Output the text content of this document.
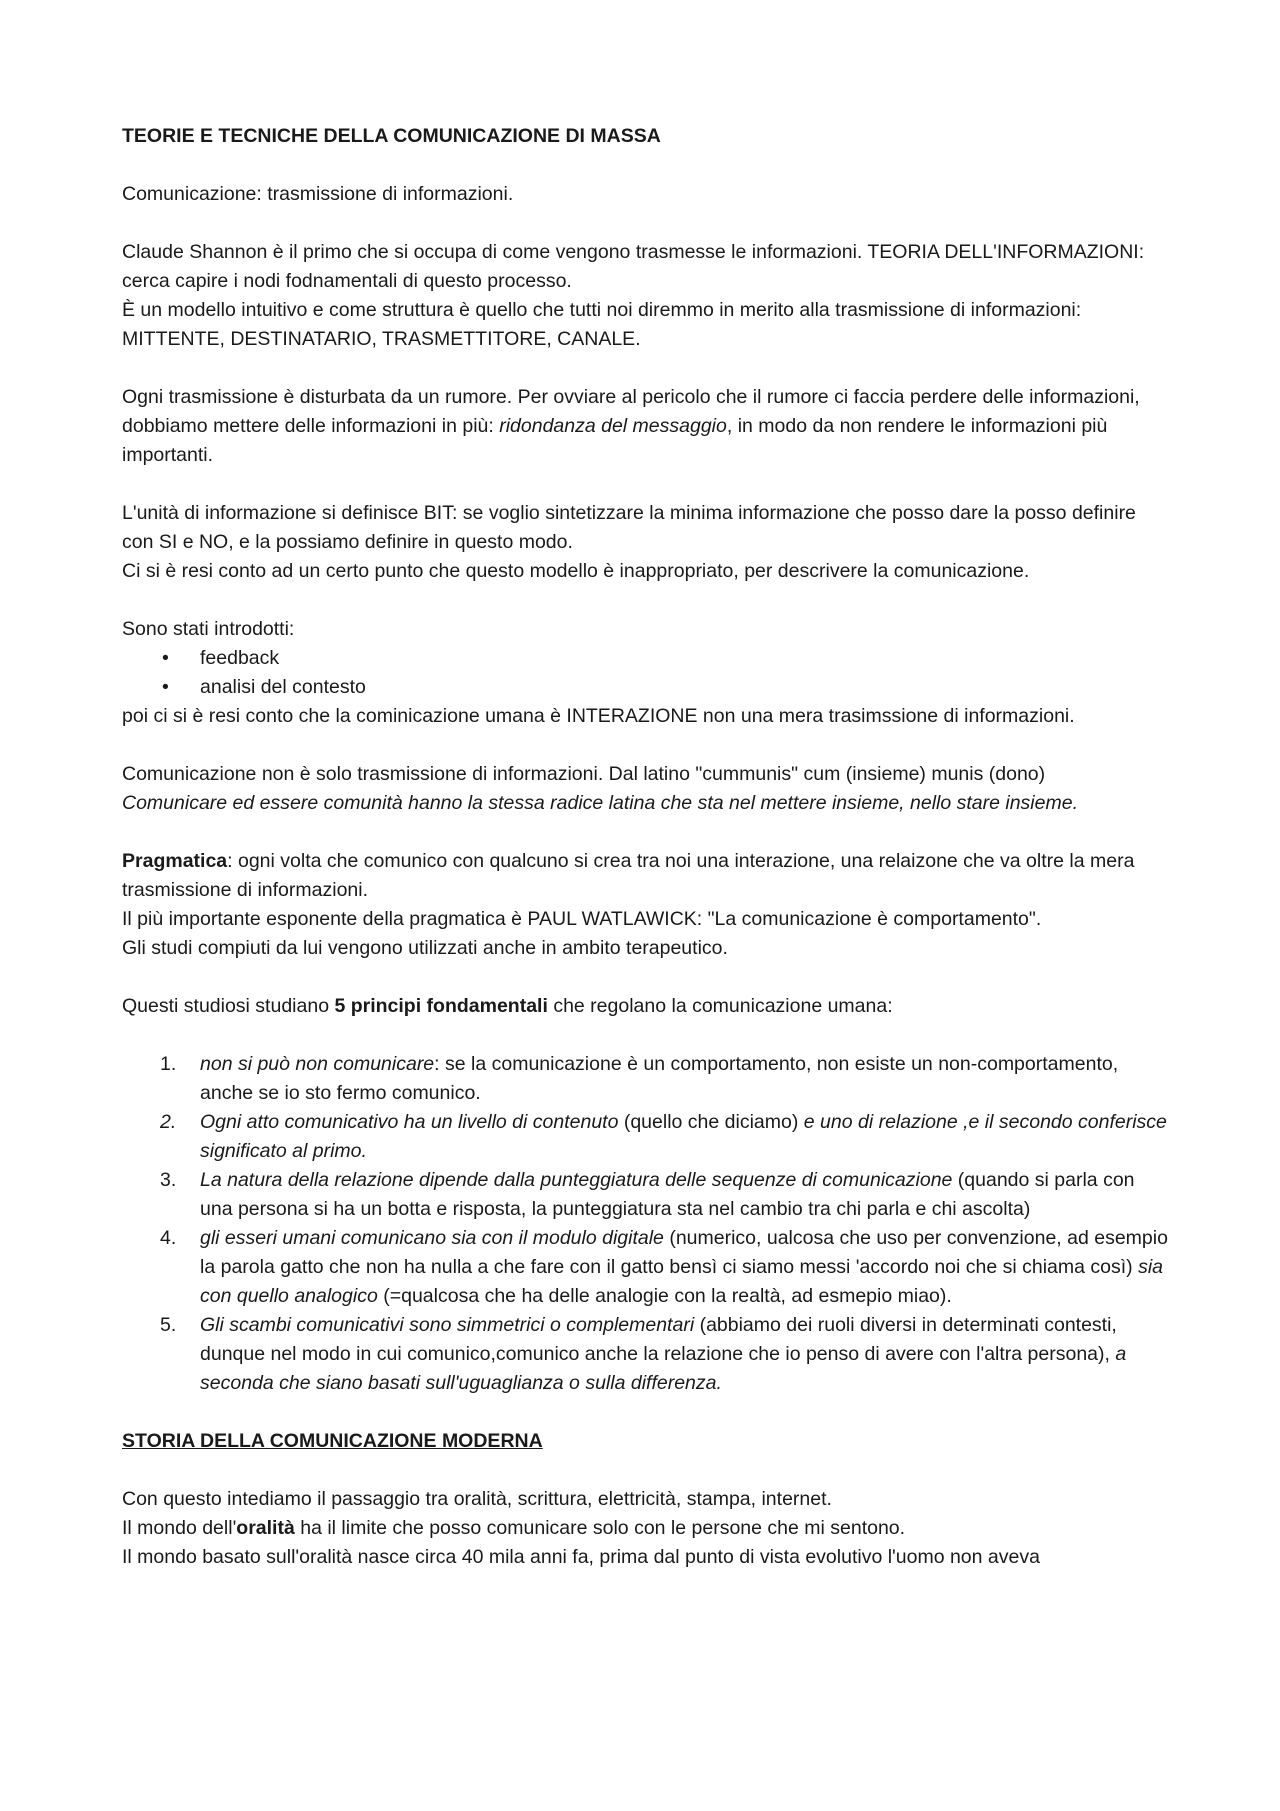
TEORIE E TECNICHE DELLA COMUNICAZIONE DI MASSA

Comunicazione: trasmissione di informazioni.

Claude Shannon è il primo che si occupa di come vengono trasmesse le informazioni. TEORIA DELL'INFORMAZIONI: cerca capire i nodi fodnamentali di questo processo.
È un modello intuitivo e come struttura è quello che tutti noi diremmo in merito alla trasmissione di informazioni: MITTENTE, DESTINATARIO, TRASMETTITORE, CANALE.

Ogni trasmissione è disturbata da un rumore. Per ovviare al pericolo che il rumore ci faccia perdere delle informazioni, dobbiamo mettere delle informazioni in più: ridondanza del messaggio, in modo da non rendere le informazioni più importanti.

L'unità di informazione si definisce BIT: se voglio sintetizzare la minima informazione che posso dare la posso definire con SI e NO, e la possiamo definire in questo modo.
Ci si è resi conto ad un certo punto che questo modello è inappropriato, per descrivere la comunicazione.

Sono stati introdotti:
• feedback
• analisi del contesto

poi ci si è resi conto che la cominicazione umana è INTERAZIONE non una mera trasimssione di informazioni.

Comunicazione non è solo trasmissione di informazioni. Dal latino "cummunis" cum (insieme) munis (dono)
Comunicare ed essere comunità hanno la stessa radice latina che sta nel mettere insieme, nello stare insieme.

Pragmatica: ogni volta che comunico con qualcuno si crea tra noi una interazione, una relaizone che va oltre la mera trasmissione di informazioni.
Il più importante esponente della pragmatica è PAUL WATLAWICK: "La comunicazione è comportamento".
Gli studi compiuti da lui vengono utilizzati anche in ambito terapeutico.

Questi studiosi studiano 5 principi fondamentali che regolano la comunicazione umana:

1. non si può non comunicare: se la comunicazione è un comportamento, non esiste un non-comportamento, anche se io sto fermo comunico.
2. Ogni atto comunicativo ha un livello di contenuto (quello che diciamo) e uno di relazione ,e il secondo conferisce significato al primo.
3. La natura della relazione dipende dalla punteggiatura delle sequenze di comunicazione (quando si parla con una persona si ha un botta e risposta, la punteggiatura sta nel cambio tra chi parla e chi ascolta)
4. gli esseri umani comunicano sia con il modulo digitale (numerico, ualcosa che uso per convenzione, ad esempio la parola gatto che non ha nulla a che fare con il gatto bensì ci siamo messi 'accordo noi che si chiama così) sia con quello analogico (=qualcosa che ha delle analogie con la realtà, ad esmepio miao).
5. Gli scambi comunicativi sono simmetrici o complementari (abbiamo dei ruoli diversi in determinati contesti, dunque nel modo in cui comunico,comunico anche la relazione che io penso di avere con l'altra persona), a seconda che siano basati sull'uguaglianza o sulla differenza.
STORIA DELLA COMUNICAZIONE MODERNA

Con questo intediamo il passaggio tra oralità, scrittura, elettricità, stampa, internet.
Il mondo dell'oralità ha il limite che posso comunicare solo con le persone che mi sentono.
Il mondo basato sull'oralità nasce circa 40 mila anni fa, prima dal punto di vista evolutivo l'uomo non aveva
